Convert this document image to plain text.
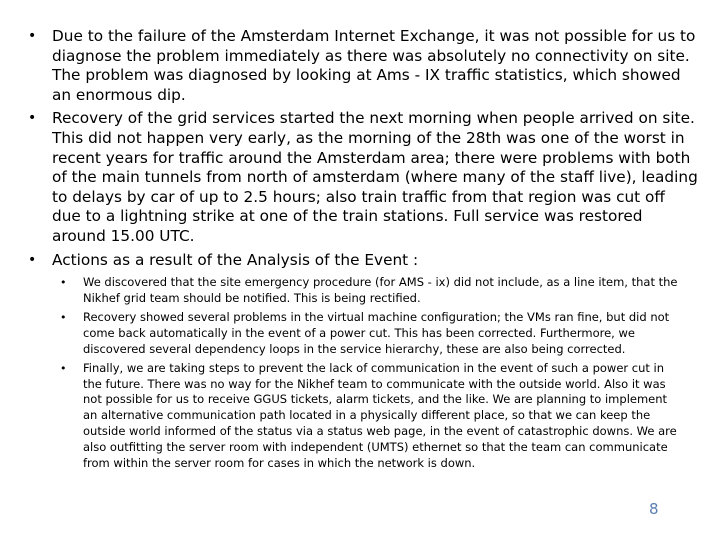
• Due to the failure of the Amsterdam Internet Exchange, it was not possible for us to diagnose the problem immediately as there was absolutely no connectivity on site. The problem was diagnosed by looking at Ams - IX traffic statistics, which showed an enormous dip.
• Recovery of the grid services started the next morning when people arrived on site. This did not happen very early, as the morning of the 28th was one of the worst in recent years for traffic around the Amsterdam area; there were problems with both of the main tunnels from north of amsterdam (where many of the staff live), leading to delays by car of up to 2.5 hours; also train traffic from that region was cut off due to a lightning strike at one of the train stations. Full service was restored around 15.00 UTC.
• Actions as a result of the Analysis of the Event :
• We discovered that the site emergency procedure (for AMS - ix) did not include, as a line item, that the Nikhef grid team should be notified. This is being rectified.
• Recovery showed several problems in the virtual machine configuration; the VMs ran fine, but did not come back automatically in the event of a power cut. This has been corrected. Furthermore, we discovered several dependency loops in the service hierarchy, these are also being corrected.
• Finally, we are taking steps to prevent the lack of communication in the event of such a power cut in the future. There was no way for the Nikhef team to communicate with the outside world. Also it was not possible for us to receive GGUS tickets, alarm tickets, and the like. We are planning to implement an alternative communication path located in a physically different place, so that we can keep the outside world informed of the status via a status web page, in the event of catastrophic downs. We are also outfitting the server room with independent (UMTS) ethernet so that the team can communicate from within the server room for cases in which the network is down.
8
